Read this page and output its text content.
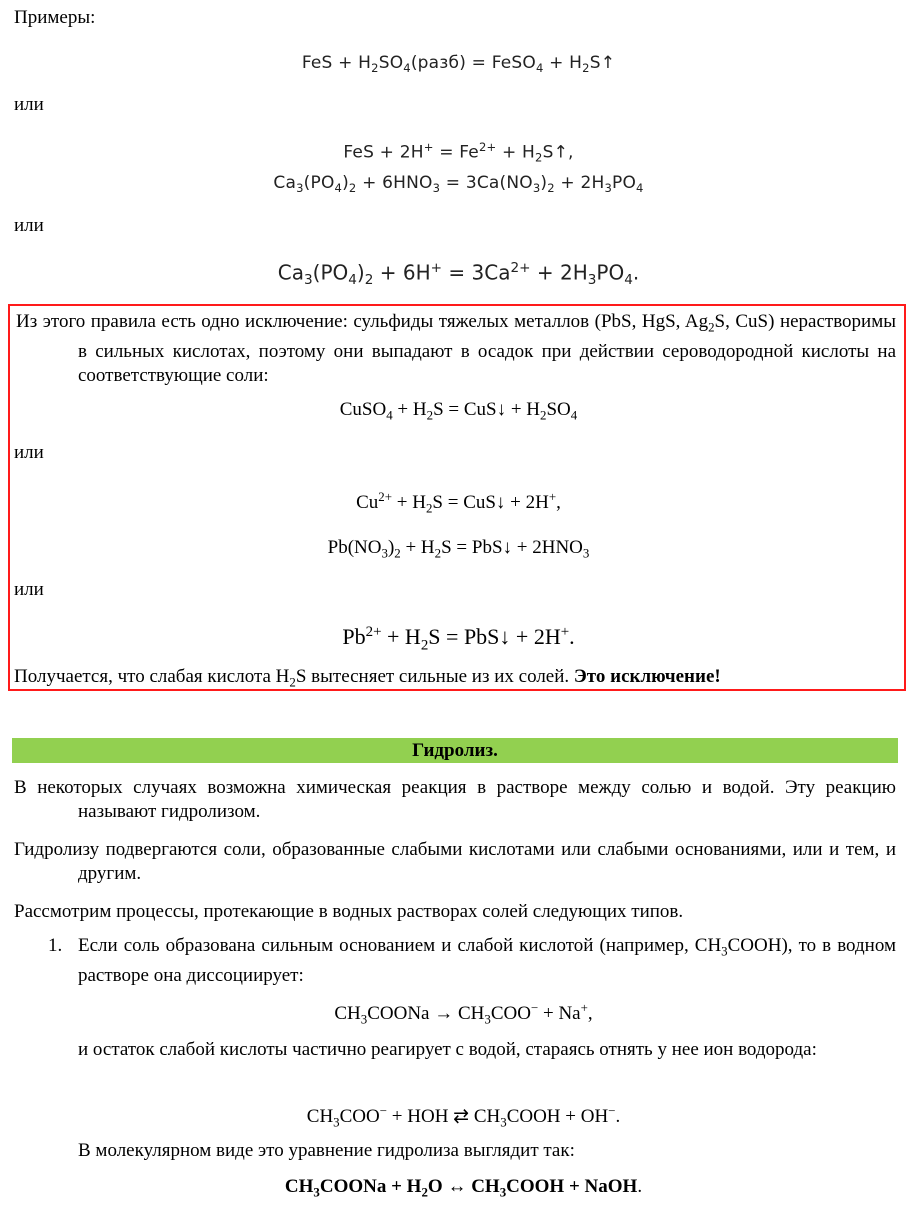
Примеры:
FeS + $H_2SO_4(разб)$ = FeSO$_4$ + $H_2S↑$
или
FeS + $2H^+ = Fe^{2+}$ + $H_2S↑$,
$Ca_3(PO_4)_2 + 6HNO_3 = 3Ca(NO_3)_2 + 2H_3PO_4$
или
$Ca_3(PO_4)_2 + 6H^+ = 3Ca^{2+} + 2H_3PO_4$.
Из этого правила есть одно исключение: сульфиды тяжелых металлов (PbS, HgS, $Ag_2S$, CuS) нерастворимы в сильных кислотах, поэтому они выпадают в осадок при действии сероводородной кислоты на соответствующие соли:
CuSO$_4$ + $H_2S$ = CuS↓ + $H_2SO_4$
или
$Cu^{2+} + H_2S$ = CuS↓ + 2H+,
$Pb(NO_3)_2 + H_2S$ = PbS↓ + $2HNO_3$
или
$Pb^{2+} + H_2S$ = PbS↓ + 2H+.
Получается, что слабая кислота $H_2S$ вытесняет сильные из их солей. Это исключение!
Гидролиз.
В некоторых случаях возможна химическая реакция в растворе между солью и водой. Эту реакцию называют гидролизом.
Гидролизу подвергаются соли, образованные слабыми кислотами или слабыми основаниями, или и тем, и другим.
Рассмотрим процессы, протекающие в водных растворах солей следующих типов.
1. Если соль образована сильным основанием и слабой кислотой (например, $CH_3COOH$), то в водном растворе она диссоциирует:
$CH_3COONa \to CH_3COO^- + Na^+$,
и остаток слабой кислоты частично реагирует с водой, стараясь отнять у нее ион водорода:
$CH_3COO^-$ + HOH ⇄ $CH_3COOH + OH^-$.
В молекулярном виде это уравнение гидролиза выглядит так:
$CH_3COONa + H_2O$ ↔ $CH_3COOH$ + NaOH.
